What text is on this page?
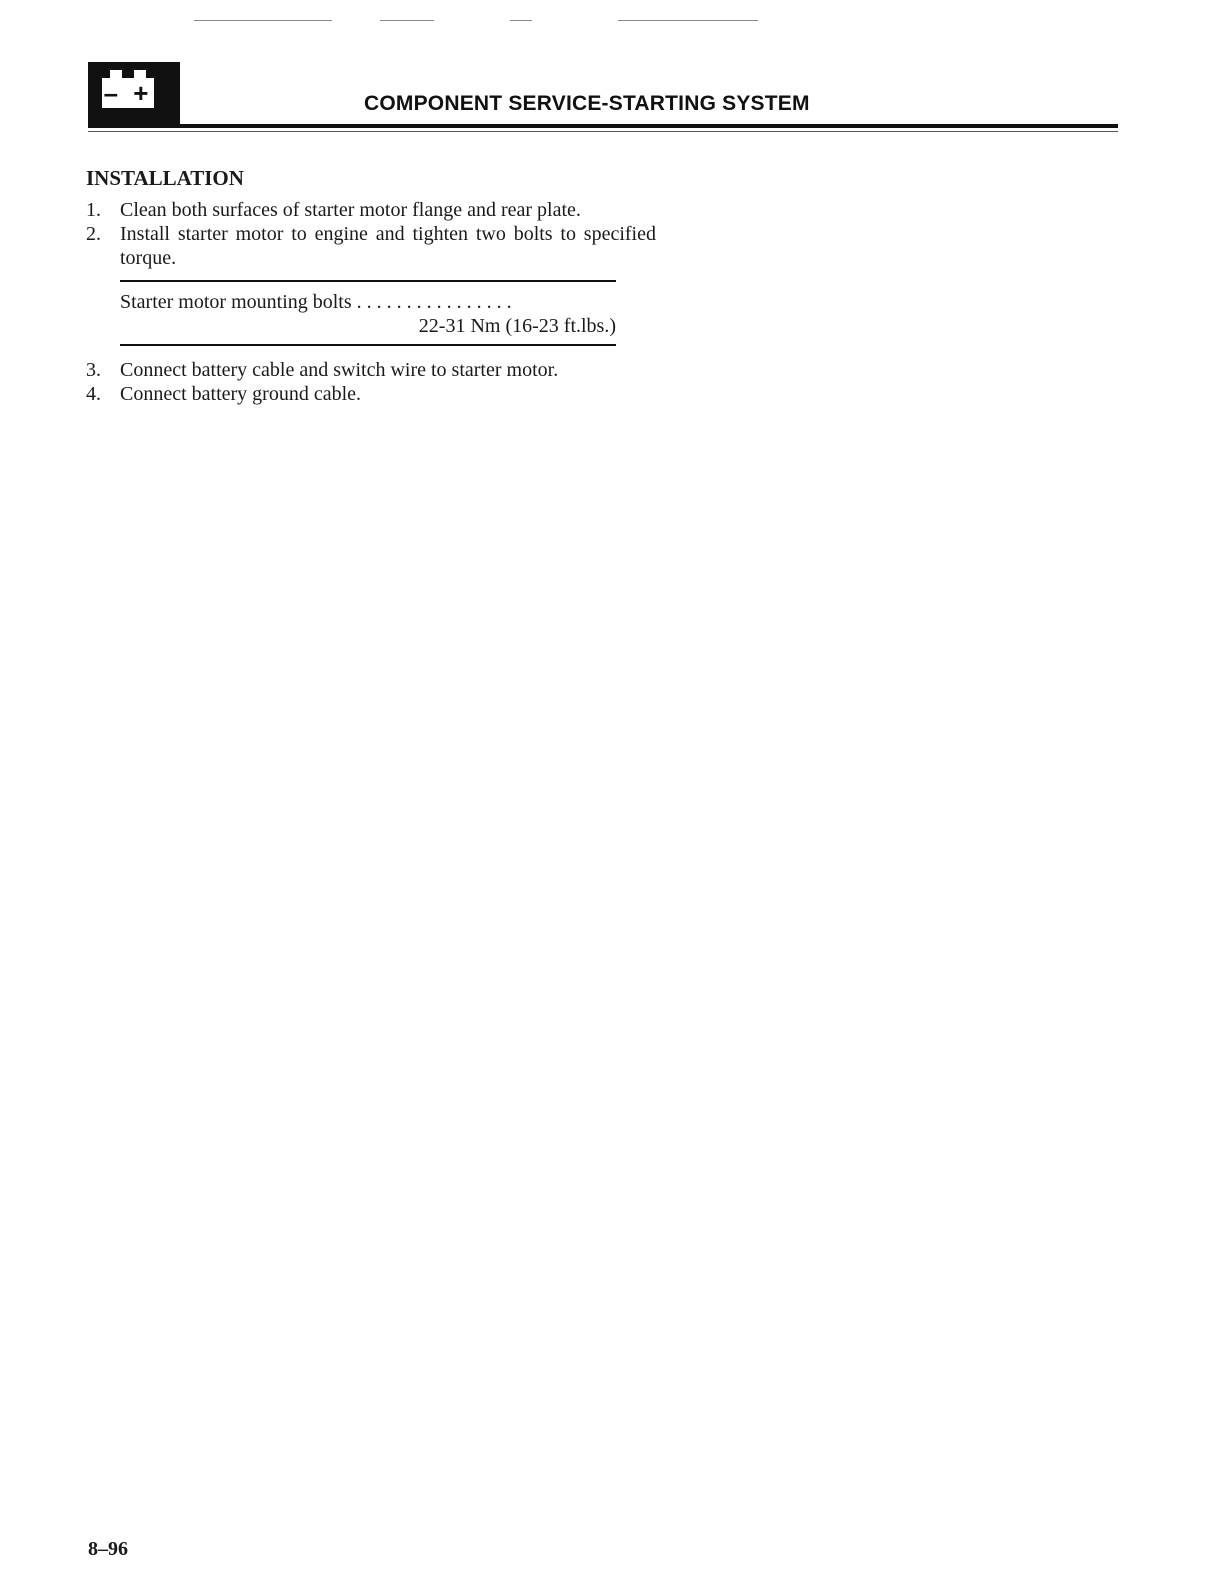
– +	COMPONENT SERVICE-STARTING SYSTEM
INSTALLATION
1. Clean both surfaces of starter motor flange and rear plate.
2. Install starter motor to engine and tighten two bolts to specified torque.
Starter motor mounting bolts . . . . . . . . . . . . . . . .
22-31 Nm (16-23 ft.lbs.)
3. Connect battery cable and switch wire to starter motor.
4. Connect battery ground cable.
8–96
